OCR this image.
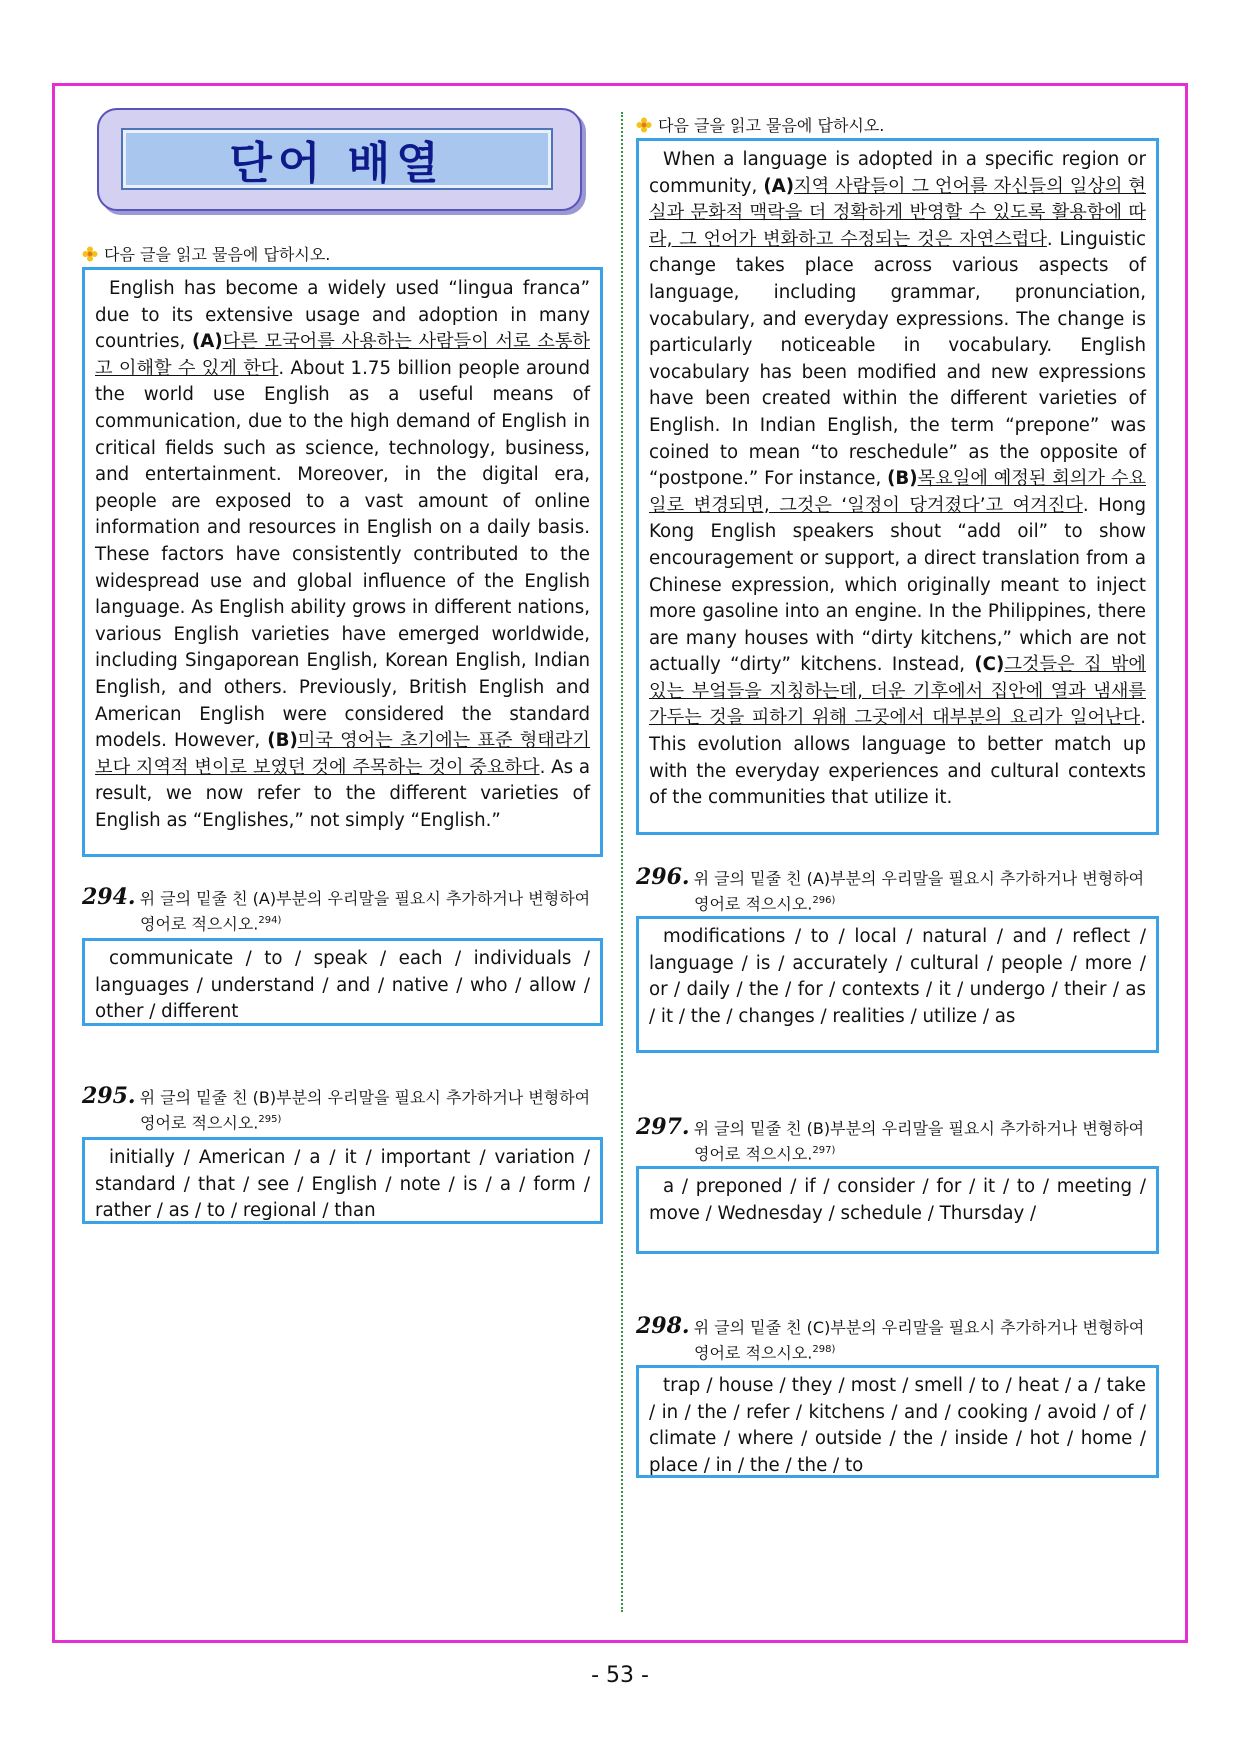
단어 배열
다음 글을 읽고 물음에 답하시오.
English has become a widely used “lingua franca” due to its extensive usage and adoption in many countries, (A)다른 모국어를 사용하는 사람들이 서로 소통하고 이해할 수 있게 한다. About 1.75 billion people around the world use English as a useful means of communication, due to the high demand of English in critical fields such as science, technology, business, and entertainment. Moreover, in the digital era, people are exposed to a vast amount of online information and resources in English on a daily basis. These factors have consistently contributed to the widespread use and global influence of the English language. As English ability grows in different nations, various English varieties have emerged worldwide, including Singaporean English, Korean English, Indian English, and others. Previously, British English and American English were considered the standard models. However, (B)미국 영어는 초기에는 표준 형태라기보다 지역적 변이로 보였던 것에 주목하는 것이 중요하다. As a result, we now refer to the different varieties of English as “Englishes,” not simply “English.”
다음 글을 읽고 물음에 답하시오.
When a language is adopted in a specific region or community, (A)지역 사람들이 그 언어를 자신들의 일상의 현실과 문화적 맥락을 더 정확하게 반영할 수 있도록 활용함에 따라, 그 언어가 변화하고 수정되는 것은 자연스럽다. Linguistic change takes place across various aspects of language, including grammar, pronunciation, vocabulary, and everyday expressions. The change is particularly noticeable in vocabulary. English vocabulary has been modified and new expressions have been created within the different varieties of English. In Indian English, the term “prepone” was coined to mean “to reschedule” as the opposite of “postpone.” For instance, (B)목요일에 예정된 회의가 수요일로 변경되면, 그것은 ‘일정이 당겨졌다’고 여겨진다. Hong Kong English speakers shout “add oil” to show encouragement or support, a direct translation from a Chinese expression, which originally meant to inject more gasoline into an engine. In the Philippines, there are many houses with “dirty kitchens,” which are not actually “dirty” kitchens. Instead, (C)그것들은 집 밖에 있는 부엌들을 지칭하는데, 더운 기후에서 집안에 열과 냄새를 가두는 것을 피하기 위해 그곳에서 대부분의 요리가 일어난다. This evolution allows language to better match up with the everyday experiences and cultural contexts of the communities that utilize it.
294. 위 글의 밑줄 친 (A)부분의 우리말을 필요시 추가하거나 변형하여
영어로 적으시오.$^{294)}$
communicate / to / speak / each / individuals / languages / understand / and / native / who / allow / other / different
295. 위 글의 밑줄 친 (B)부분의 우리말을 필요시 추가하거나 변형하여
영어로 적으시오.$^{295)}$
initially / American / a / it / important / variation / standard / that / see / English / note / is / a / form / rather / as / to / regional / than
296. 위 글의 밑줄 친 (A)부분의 우리말을 필요시 추가하거나 변형하여
영어로 적으시오.$^{296)}$
modifications / to / local / natural / and / reflect / language / is / accurately / cultural / people / more / or / daily / the / for / contexts / it / undergo / their / as / it / the / changes / realities / utilize / as
297. 위 글의 밑줄 친 (B)부분의 우리말을 필요시 추가하거나 변형하여
영어로 적으시오.$^{297)}$
a / preponed / if / consider / for / it / to / meeting / move / Wednesday / schedule / Thursday /
298. 위 글의 밑줄 친 (C)부분의 우리말을 필요시 추가하거나 변형하여
영어로 적으시오.$^{298)}$
trap / house / they / most / smell / to / heat / a / take / in / the / refer / kitchens / and / cooking / avoid / of / climate / where / outside / the / inside / hot / home / place / in / the / the / to
- 53 -
